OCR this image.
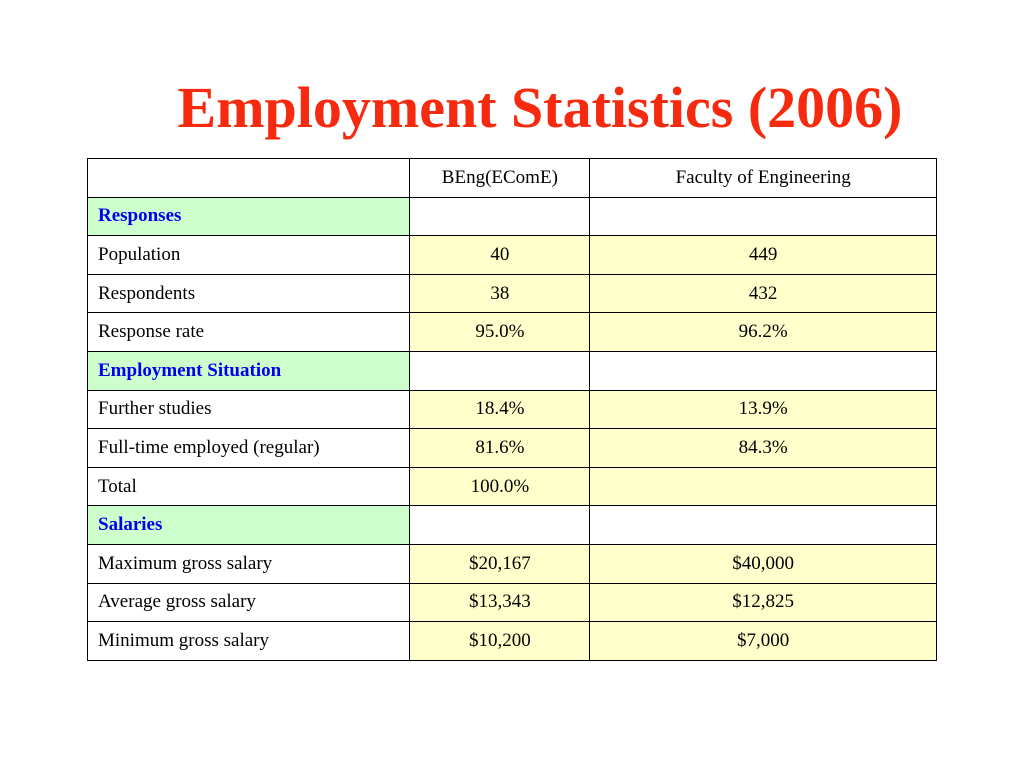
Employment Statistics (2006)
	BEng(EComE)	Faculty of Engineering
Responses		
Population	40	449
Respondents	38	432
Response rate	95.0%	96.2%
Employment Situation		
Further studies	18.4%	13.9%
Full-time employed (regular)	81.6%	84.3%
Total	100.0%	
Salaries		
Maximum gross salary	$20,167	$40,000
Average gross salary	$13,343	$12,825
Minimum gross salary	$10,200	$7,000
